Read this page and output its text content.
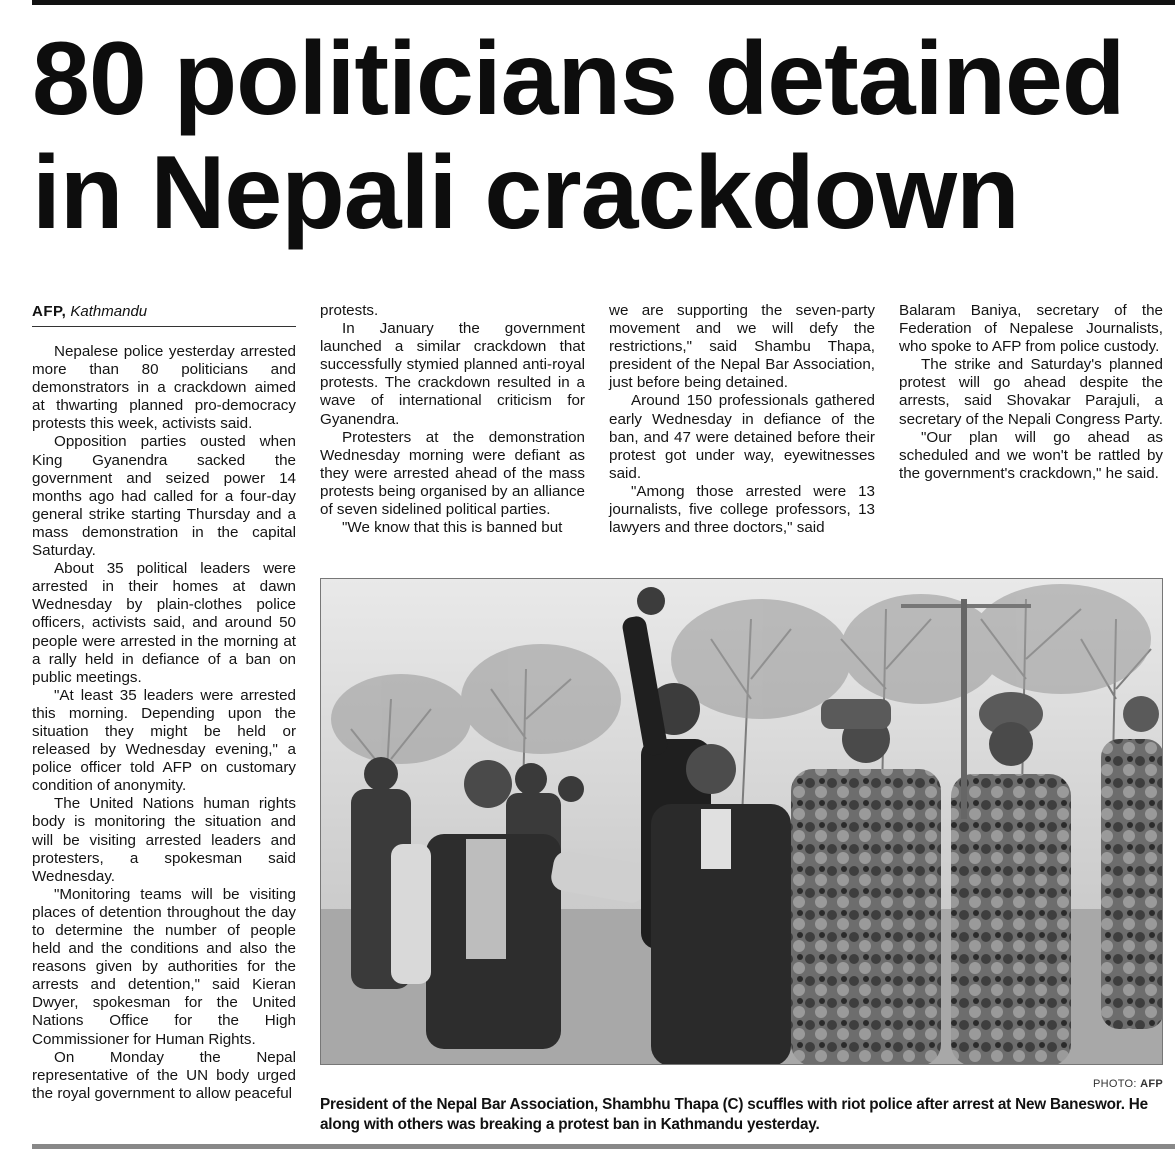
80 politicians detained
in Nepali crackdown
AFP, Kathmandu

Nepalese police yesterday arrested more than 80 politicians and demonstrators in a crackdown aimed at thwarting planned pro-democracy protests this week, activists said.

Opposition parties ousted when King Gyanendra sacked the government and seized power 14 months ago had called for a four-day general strike starting Thursday and a mass demonstration in the capital Saturday.

About 35 political leaders were arrested in their homes at dawn Wednesday by plain-clothes police officers, activists said, and around 50 people were arrested in the morning at a rally held in defiance of a ban on public meetings.

"At least 35 leaders were arrested this morning. Depending upon the situation they might be held or released by Wednesday evening," a police officer told AFP on customary condition of anonymity.

The United Nations human rights body is monitoring the situation and will be visiting arrested leaders and protesters, a spokesman said Wednesday.

"Monitoring teams will be visiting places of detention throughout the day to determine the number of people held and the conditions and also the reasons given by authorities for the arrests and detention," said Kieran Dwyer, spokesman for the United Nations Office for the High Commissioner for Human Rights.

On Monday the Nepal representative of the UN body urged the royal government to allow peaceful

protests.

In January the government launched a similar crackdown that successfully stymied planned anti-royal protests. The crackdown resulted in a wave of international criticism for Gyanendra.

Protesters at the demonstration Wednesday morning were defiant as they were arrested ahead of the mass protests being organised by an alliance of seven sidelined political parties.

"We know that this is banned but

we are supporting the seven-party movement and we will defy the restrictions," said Shambu Thapa, president of the Nepal Bar Association, just before being detained.

Around 150 professionals gathered early Wednesday in defiance of the ban, and 47 were detained before their protest got under way, eyewitnesses said.

"Among those arrested were 13 journalists, five college professors, 13 lawyers and three doctors," said

Balaram Baniya, secretary of the Federation of Nepalese Journalists, who spoke to AFP from police custody.

The strike and Saturday's planned protest will go ahead despite the arrests, said Shovakar Parajuli, a secretary of the Nepali Congress Party.

"Our plan will go ahead as scheduled and we won't be rattled by the government's crackdown," he said.

PHOTO: AFP
President of the Nepal Bar Association, Shambhu Thapa (C) scuffles with riot police after arrest at New Baneswor. He along with others was breaking a protest ban in Kathmandu yesterday.
